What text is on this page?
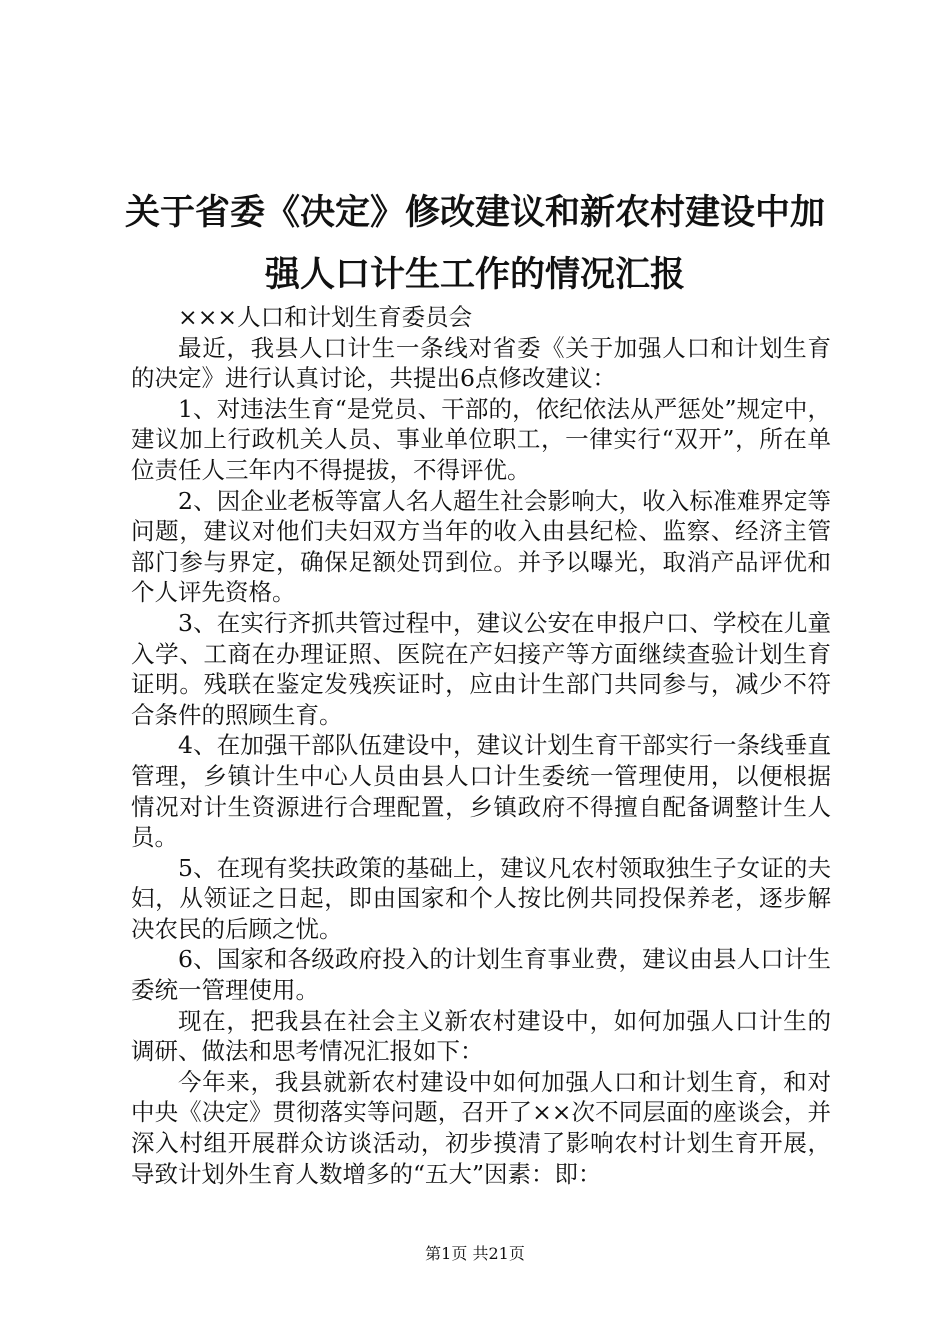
关于省委《决定》修改建议和新农村建设中加
强人口计生工作的情况汇报

×××人口和计划生育委员会

最近，我县人口计生一条线对省委《关于加强人口和计划生育的决定》进行认真讨论，共提出6点修改建议：

1、对违法生育“是党员、干部的，依纪依法从严惩处”规定中，建议加上行政机关人员、事业单位职工，一律实行“双开”，所在单位责任人三年内不得提拔，不得评优。

2、因企业老板等富人名人超生社会影响大，收入标准难界定等问题，建议对他们夫妇双方当年的收入由县纪检、监察、经济主管部门参与界定，确保足额处罚到位。并予以曝光，取消产品评优和个人评先资格。

3、在实行齐抓共管过程中，建议公安在申报户口、学校在儿童入学、工商在办理证照、医院在产妇接产等方面继续查验计划生育证明。残联在鉴定发残疾证时，应由计生部门共同参与，减少不符合条件的照顾生育。

4、在加强干部队伍建设中，建议计划生育干部实行一条线垂直管理，乡镇计生中心人员由县人口计生委统一管理使用，以便根据情况对计生资源进行合理配置，乡镇政府不得擅自配备调整计生人员。

5、在现有奖扶政策的基础上，建议凡农村领取独生子女证的夫妇，从领证之日起，即由国家和个人按比例共同投保养老，逐步解决农民的后顾之忧。

6、国家和各级政府投入的计划生育事业费，建议由县人口计生委统一管理使用。

现在，把我县在社会主义新农村建设中，如何加强人口计生的调研、做法和思考情况汇报如下：

今年来，我县就新农村建设中如何加强人口和计划生育，和对中央《决定》贯彻落实等问题，召开了××次不同层面的座谈会，并深入村组开展群众访谈活动，初步摸清了影响农村计划生育开展，导致计划外生育人数增多的“五大”因素：即：

第1页 共21页
